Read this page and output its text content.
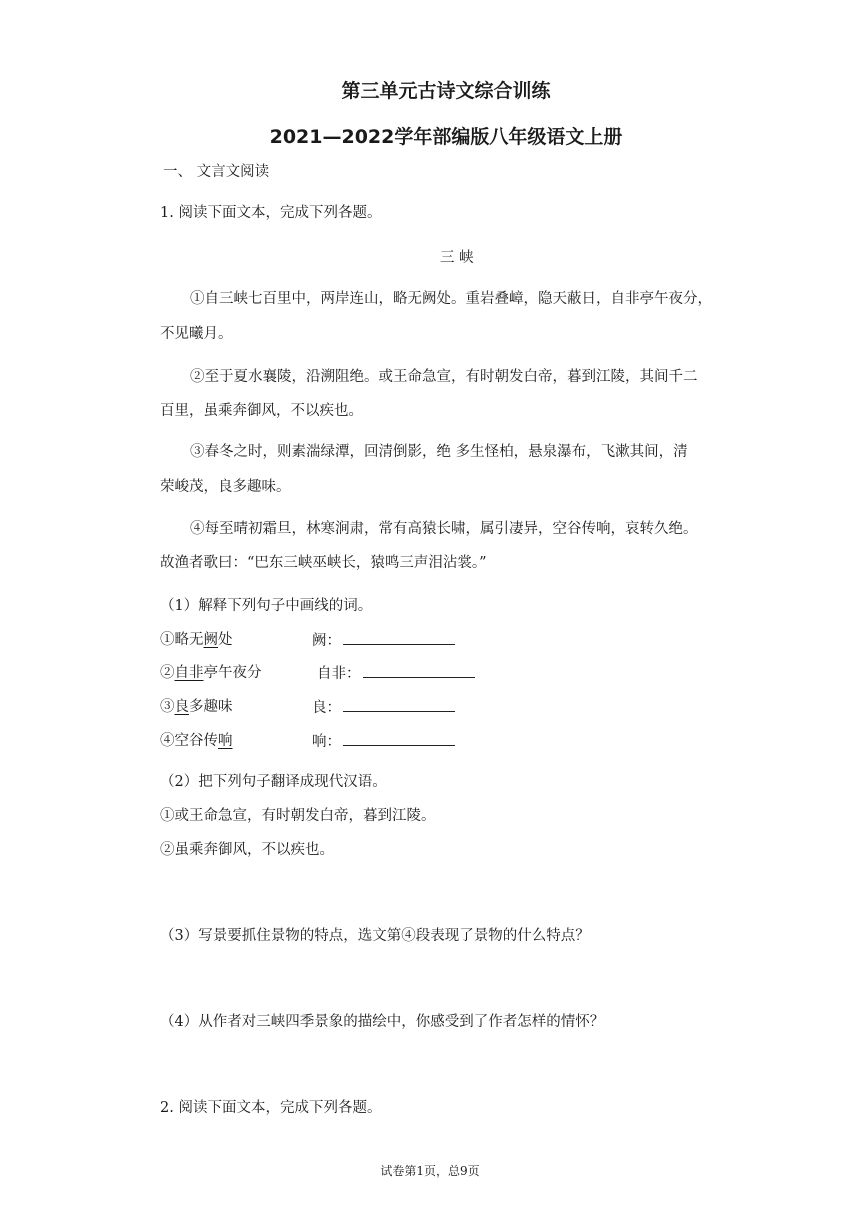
第三单元古诗文综合训练
2021—2022学年部编版八年级语文上册
一、 文言文阅读
1. 阅读下面文本，完成下列各题。
三 峡
①自三峡七百里中，两岸连山，略无阙处。重岩叠嶂，隐天蔽日，自非亭午夜分，
不见曦月。
②至于夏水襄陵，沿溯阻绝。或王命急宣，有时朝发白帝，暮到江陵，其间千二
百里，虽乘奔御风，不以疾也。
③春冬之时，则素湍绿潭，回清倒影，绝 多生怪柏，悬泉瀑布，飞漱其间，清
荣峻茂，良多趣味。
④每至晴初霜旦，林寒涧肃，常有高猿长啸，属引凄异，空谷传响，哀转久绝。
故渔者歌曰：“巴东三峡巫峡长，猿鸣三声泪沾裳。”
（1）解释下列句子中画线的词。
①略无阙处	阙：
②自非亭午夜分	自非：
③良多趣味	良：
④空谷传响	响：
（2）把下列句子翻译成现代汉语。
①或王命急宣，有时朝发白帝，暮到江陵。
②虽乘奔御风，不以疾也。
（3）写景要抓住景物的特点，选文第④段表现了景物的什么特点？
（4）从作者对三峡四季景象的描绘中，你感受到了作者怎样的情怀？
2. 阅读下面文本，完成下列各题。
试卷第1页，总9页
